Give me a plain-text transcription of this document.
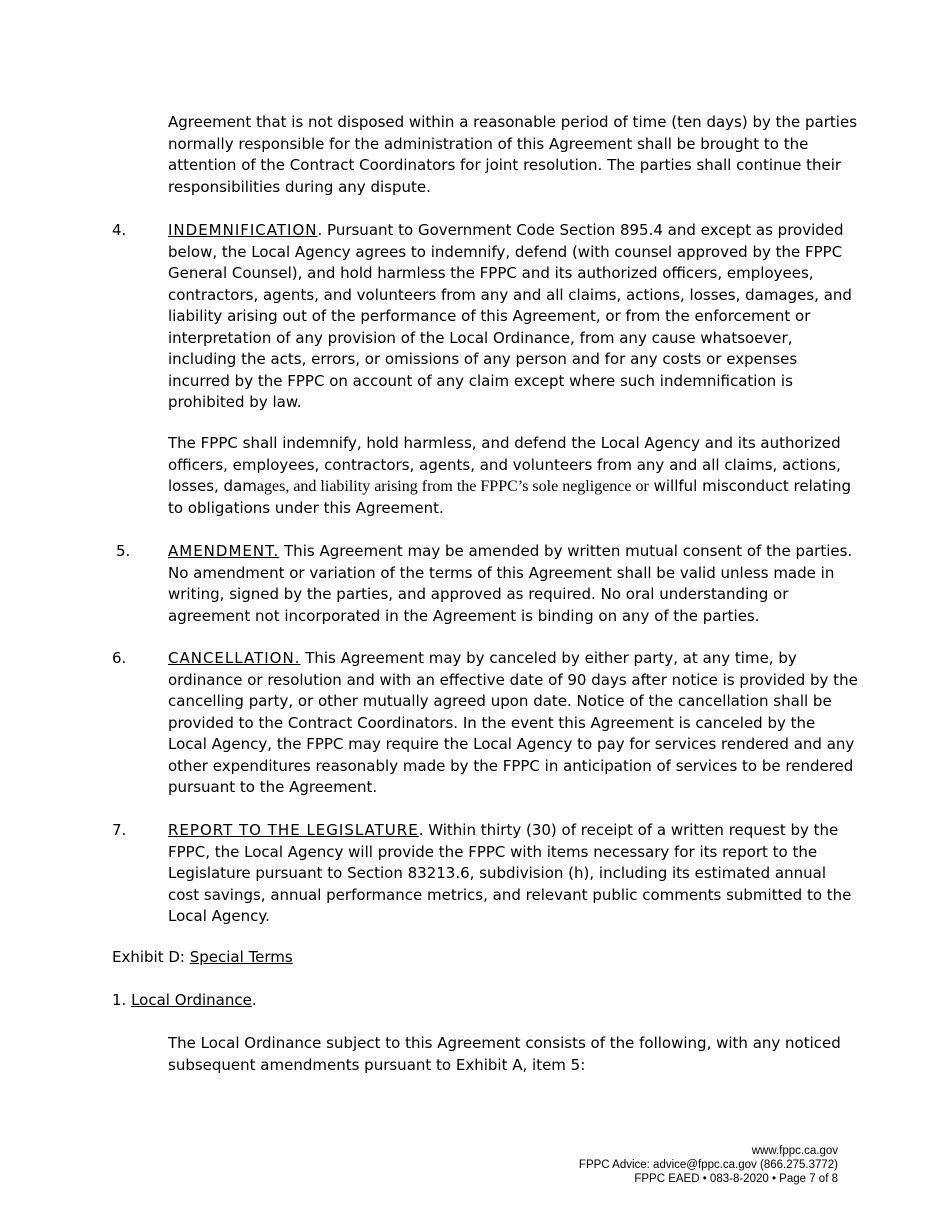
Agreement that is not disposed within a reasonable period of time (ten days) by the parties normally responsible for the administration of this Agreement shall be brought to the attention of the Contract Coordinators for joint resolution. The parties shall continue their responsibilities during any dispute.

4.	INDEMNIFICATION. Pursuant to Government Code Section 895.4 and except as provided below, the Local Agency agrees to indemnify, defend (with counsel approved by the FPPC General Counsel), and hold harmless the FPPC and its authorized officers, employees, contractors, agents, and volunteers from any and all claims, actions, losses, damages, and liability arising out of the performance of this Agreement, or from the enforcement or interpretation of any provision of the Local Ordinance, from any cause whatsoever, including the acts, errors, or omissions of any person and for any costs or expenses incurred by the FPPC on account of any claim except where such indemnification is prohibited by law.

The FPPC shall indemnify, hold harmless, and defend the Local Agency and its authorized officers, employees, contractors, agents, and volunteers from any and all claims, actions, losses, damages, and liability arising from the FPPC’s sole negligence or willful misconduct relating to obligations under this Agreement.

5.	AMENDMENT. This Agreement may be amended by written mutual consent of the parties. No amendment or variation of the terms of this Agreement shall be valid unless made in writing, signed by the parties, and approved as required. No oral understanding or agreement not incorporated in the Agreement is binding on any of the parties.

6.	CANCELLATION. This Agreement may by canceled by either party, at any time, by ordinance or resolution and with an effective date of 90 days after notice is provided by the cancelling party, or other mutually agreed upon date. Notice of the cancellation shall be provided to the Contract Coordinators. In the event this Agreement is canceled by the Local Agency, the FPPC may require the Local Agency to pay for services rendered and any other expenditures reasonably made by the FPPC in anticipation of services to be rendered pursuant to the Agreement.

7.	REPORT TO THE LEGISLATURE. Within thirty (30) of receipt of a written request by the FPPC, the Local Agency will provide the FPPC with items necessary for its report to the Legislature pursuant to Section 83213.6, subdivision (h), including its estimated annual cost savings, annual performance metrics, and relevant public comments submitted to the Local Agency.

Exhibit D: Special Terms
1. Local Ordinance.

The Local Ordinance subject to this Agreement consists of the following, with any noticed subsequent amendments pursuant to Exhibit A, item 5:

www.fppc.ca.gov
FPPC Advice: advice@fppc.ca.gov (866.275.3772)
FPPC EAED • 083-8-2020 • Page 7 of 8
